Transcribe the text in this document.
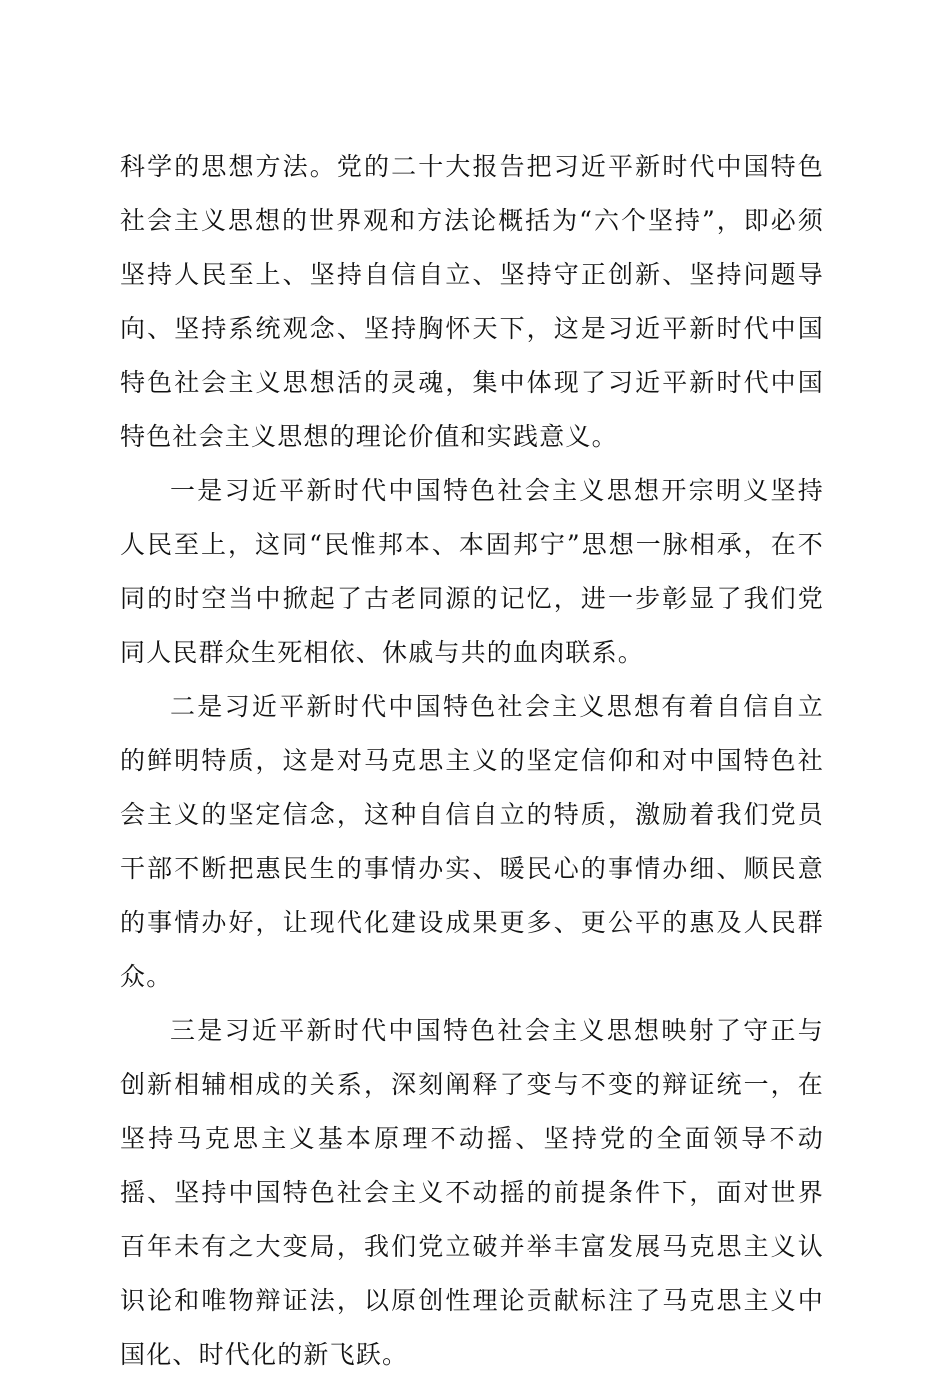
科学的思想方法。党的二十大报告把习近平新时代中国特色社会主义思想的世界观和方法论概括为“六个坚持”，即必须坚持人民至上、坚持自信自立、坚持守正创新、坚持问题导向、坚持系统观念、坚持胸怀天下，这是习近平新时代中国特色社会主义思想活的灵魂，集中体现了习近平新时代中国特色社会主义思想的理论价值和实践意义。

一是习近平新时代中国特色社会主义思想开宗明义坚持人民至上，这同“民惟邦本、本固邦宁”思想一脉相承，在不同的时空当中掀起了古老同源的记忆，进一步彰显了我们党同人民群众生死相依、休戚与共的血肉联系。

二是习近平新时代中国特色社会主义思想有着自信自立的鲜明特质，这是对马克思主义的坚定信仰和对中国特色社会主义的坚定信念，这种自信自立的特质，激励着我们党员干部不断把惠民生的事情办实、暖民心的事情办细、顺民意的事情办好，让现代化建设成果更多、更公平的惠及人民群众。

三是习近平新时代中国特色社会主义思想映射了守正与创新相辅相成的关系，深刻阐释了变与不变的辩证统一，在坚持马克思主义基本原理不动摇、坚持党的全面领导不动摇、坚持中国特色社会主义不动摇的前提条件下，面对世界百年未有之大变局，我们党立破并举丰富发展马克思主义认识论和唯物辩证法，以原创性理论贡献标注了马克思主义中国化、时代化的新飞跃。
